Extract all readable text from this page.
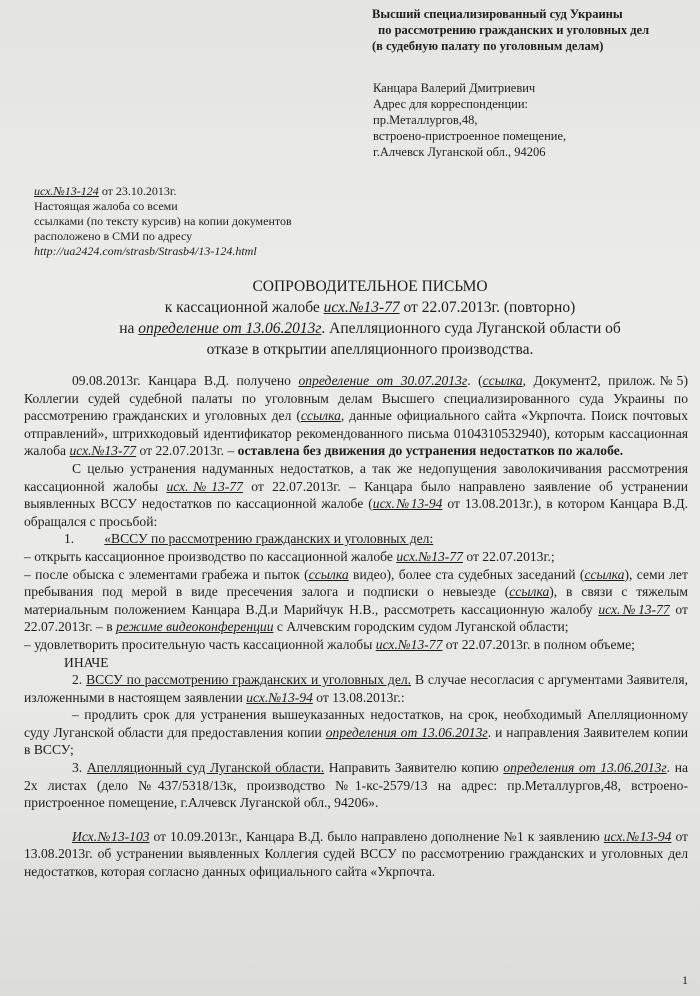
Высший специализированный суд Украины
по рассмотрению гражданских и уголовных дел
(в судебную палату по уголовным делам)
Канцара Валерий Дмитриевич
Адрес для корреспонденции:
пр.Металлургов,48,
встроено-пристроенное помещение,
г.Алчевск Луганской обл., 94206
исх.№13-124 от 23.10.2013г.
Настоящая жалоба со всеми
ссылками (по тексту курсив) на копии документов
расположено в СМИ по адресу
http://ua2424.com/strasb/Strasb4/13-124.html
СОПРОВОДИТЕЛЬНОЕ ПИСЬМО
к кассационной жалобе исх.№13-77 от 22.07.2013г. (повторно)
на определение от 13.06.2013г. Апелляционного суда Луганской области об
отказе в открытии апелляционного производства.

09.08.2013г. Канцара В.Д. получено определение от 30.07.2013г. (ссылка, Документ2, прилож.№5) Коллегии судей судебной палаты по уголовным делам Высшего специализированного суда Украины по рассмотрению гражданских и уголовных дел (ссылка, данные официального сайта «Укрпочта. Поиск почтовых отправлений», штрихкодовый идентификатор рекомендованного письма 0104310532940), которым кассационная жалоба исх.№13-77 от 22.07.2013г. – оставлена без движения до устранения недостатков по жалобе.

С целью устранения надуманных недостатков, а так же недопущения заволокичивания рассмотрения кассационной жалобы исх.№13-77 от 22.07.2013г. – Канцара было направлено заявление об устранении выявленных ВССУ недостатков по кассационной жалобе (исх.№13-94 от 13.08.2013г.), в котором Канцара В.Д. обращался с просьбой:

1. «ВССУ по рассмотрению гражданских и уголовных дел:

– открыть кассационное производство по кассационной жалобе исх.№13-77 от 22.07.2013г.;

– после обыска с элементами грабежа и пыток (ссылка видео), более ста судебных заседаний (ссылка), семи лет пребывания под мерой в виде пресечения залога и подписки о невыезде (ссылка), в связи с тяжелым материальным положением Канцара В.Д.и Марийчук Н.В., рассмотреть кассационную жалобу исх.№13-77 от 22.07.2013г. – в режиме видеоконференции с Алчевским городским судом Луганской области;

– удовлетворить просительную часть кассационной жалобы исх.№13-77 от 22.07.2013г. в полном объеме;

ИНАЧЕ

2. ВССУ по рассмотрению гражданских и уголовных дел. В случае несогласия с аргументами Заявителя, изложенными в настоящем заявлении исх.№13-94 от 13.08.2013г.:

– продлить срок для устранения вышеуказанных недостатков, на срок, необходимый Апелляционному суду Луганской области для предоставления копии определения от 13.06.2013г. и направления Заявителем копии в ВССУ;

3. Апелляционный суд Луганской области. Направить Заявителю копию определения от 13.06.2013г. на 2х листах (дело №437/5318/13к, производство №1-кс-2579/13 на адрес: пр.Металлургов,48, встроено-пристроенное помещение, г.Алчевск Луганской обл., 94206».

Исх.№13-103 от 10.09.2013г., Канцара В.Д. было направлено дополнение №1 к заявлению исх.№13-94 от 13.08.2013г. об устранении выявленных Коллегия судей ВССУ по рассмотрению гражданских и уголовных дел недостатков, которая согласно данных официального сайта «Укрпочта.

1
